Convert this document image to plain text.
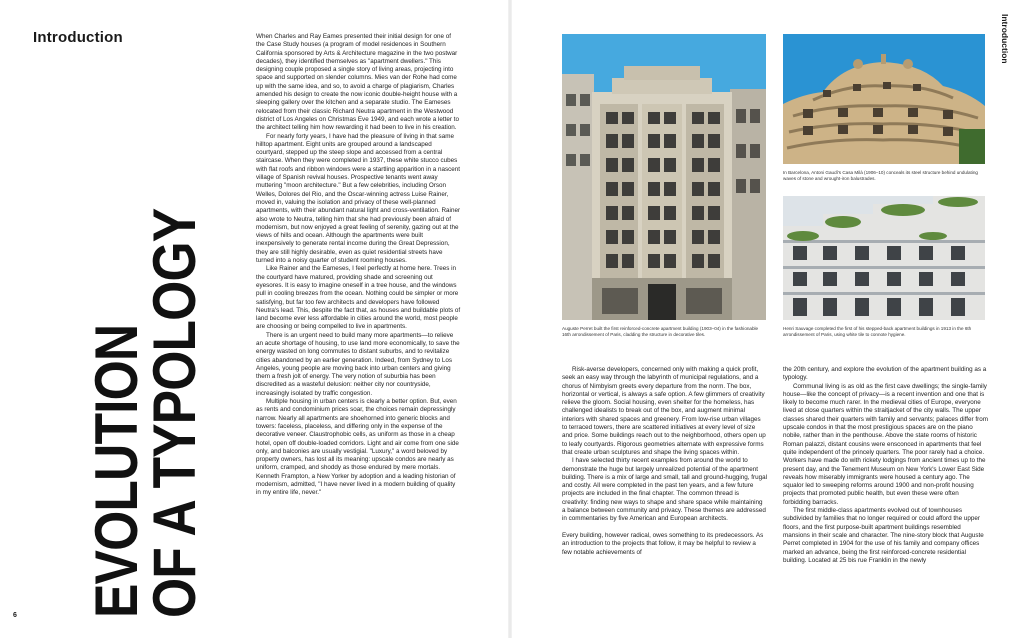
Introduction	Introduction
EVOLUTION
OF A TYPOLOGY
6

When Charles and Ray Eames presented their initial design for one of the Case Study houses (a program of model residences in Southern California sponsored by Arts & Architecture magazine in the two postwar decades), they identified themselves as "apartment dwellers." This designing couple proposed a single story of living areas, projecting into space and supported on slender columns. Mies van der Rohe had come up with the same idea, and so, to avoid a charge of plagiarism, Charles amended his design to create the now iconic double-height house with a sleeping gallery over the kitchen and a separate studio. The Eameses relocated from their classic Richard Neutra apartment in the Westwood district of Los Angeles on Christmas Eve 1949, and each wrote a letter to the architect telling him how rewarding it had been to live in his creation.

For nearly forty years, I have had the pleasure of living in that same hilltop apartment. Eight units are grouped around a landscaped courtyard, stepped up the steep slope and accessed from a central staircase. When they were completed in 1937, these white stucco cubes with flat roofs and ribbon windows were a startling apparition in a nascent village of Spanish revival houses. Prospective tenants went away muttering "moon architecture." But a few celebrities, including Orson Welles, Dolores del Rio, and the Oscar-winning actress Luise Rainer, moved in, valuing the isolation and privacy of these well-planned apartments, with their abundant natural light and cross-ventilation. Rainer also wrote to Neutra, telling him that she had previously been afraid of modernism, but now enjoyed a great feeling of serenity, gazing out at the views of hills and ocean. Although the apartments were built inexpensively to generate rental income during the Great Depression, they are still highly desirable, even as quiet residential streets have turned into a noisy quarter of student rooming houses.

Like Rainer and the Eameses, I feel perfectly at home here. Trees in the courtyard have matured, providing shade and screening out eyesores. It is easy to imagine oneself in a tree house, and the windows pull in cooling breezes from the ocean. Nothing could be simpler or more satisfying, but far too few architects and developers have followed Neutra's lead. This, despite the fact that, as houses and buildable plots of land become ever less affordable in cities around the world, most people are choosing or being compelled to live in apartments.

There is an urgent need to build many more apartments—to relieve an acute shortage of housing, to use land more economically, to save the energy wasted on long commutes to distant suburbs, and to revitalize cities abandoned by an earlier generation. Indeed, from Sydney to Los Angeles, young people are moving back into urban centers and giving them a fresh jolt of energy. The very notion of suburbia has been discredited as a wasteful delusion: neither city nor countryside, increasingly isolated by traffic congestion.

Multiple housing in urban centers is clearly a better option. But, even as rents and condominium prices soar, the choices remain depressingly narrow. Nearly all apartments are shoehorned into generic blocks and towers: faceless, placeless, and differing only in the expense of the decorative veneer. Claustrophobic cells, as uniform as those in a cheap hotel, open off double-loaded corridors. Light and air come from one side only, and balconies are usually vestigial. "Luxury," a word beloved by property owners, has lost all its meaning: upscale condos are nearly as uniform, cramped, and shoddy as those endured by mere mortals. Kenneth Frampton, a New Yorker by adoption and a leading historian of modernism, admitted, "I have never lived in a modern building of quality in my entire life, never."

Auguste Perret built the first reinforced-concrete apartment building (1903–04) in the fashionable 16th arrondissement of Paris, cladding the structure in decorative tiles.
In Barcelona, Antoni Gaudí's Casa Milà (1906–10) conceals its steel structure behind undulating waves of stone and wrought-iron balustrades.
Henri Sauvage completed the first of his stepped-back apartment buildings in 1913 in the 6th arrondissement of Paris, using white tile to connote hygiene.

Risk-averse developers, concerned only with making a quick profit, seek an easy way through the labyrinth of municipal regulations, and a chorus of Nimbyism greets every departure from the norm. The box, horizontal or vertical, is always a safe option. A few glimmers of creativity relieve the gloom. Social housing, even shelter for the homeless, has challenged idealists to break out of the box, and augment minimal interiors with shared spaces and greenery. From low-rise urban villages to terraced towers, there are scattered initiatives at every level of size and price. Some buildings reach out to the neighborhood, others open up to leafy courtyards. Rigorous geometries alternate with expressive forms that create urban sculptures and shape the living spaces within.

I have selected thirty recent examples from around the world to demonstrate the huge but largely unrealized potential of the apartment building. There is a mix of large and small, tall and ground-hugging, frugal and costly. All were completed in the past ten years, and a few future projects are included in the final chapter. The common thread is creativity: finding new ways to shape and share space while maintaining a balance between community and privacy. These themes are addressed in commentaries by five American and European architects.

Every building, however radical, owes something to its predecessors. As an introduction to the projects that follow, it may be helpful to review a few notable achievements of

the 20th century, and explore the evolution of the apartment building as a typology.

Communal living is as old as the first cave dwellings; the single-family house—like the concept of privacy—is a recent invention and one that is likely to become much rarer. In the medieval cities of Europe, everyone lived at close quarters within the straitjacket of the city walls. The upper classes shared their quarters with family and servants; palaces differ from upscale condos in that the most prestigious spaces are on the piano nobile, rather than in the penthouse. Above the state rooms of historic Roman palazzi, distant cousins were ensconced in apartments that feel quite independent of the princely quarters. The poor rarely had a choice. Workers have made do with rickety lodgings from ancient times up to the present day, and the Tenement Museum on New York's Lower East Side reveals how miserably immigrants were housed a century ago. The squalor led to sweeping reforms around 1900 and non-profit housing projects that promoted public health, but even these were often forbidding barracks.

The first middle-class apartments evolved out of townhouses subdivided by families that no longer required or could afford the upper floors, and the first purpose-built apartment buildings resembled mansions in their scale and character. The nine-story block that Auguste Perret completed in 1904 for the use of his family and company offices marked an advance, being the first reinforced-concrete residential building. Located at 25 bis rue Franklin in the newly
